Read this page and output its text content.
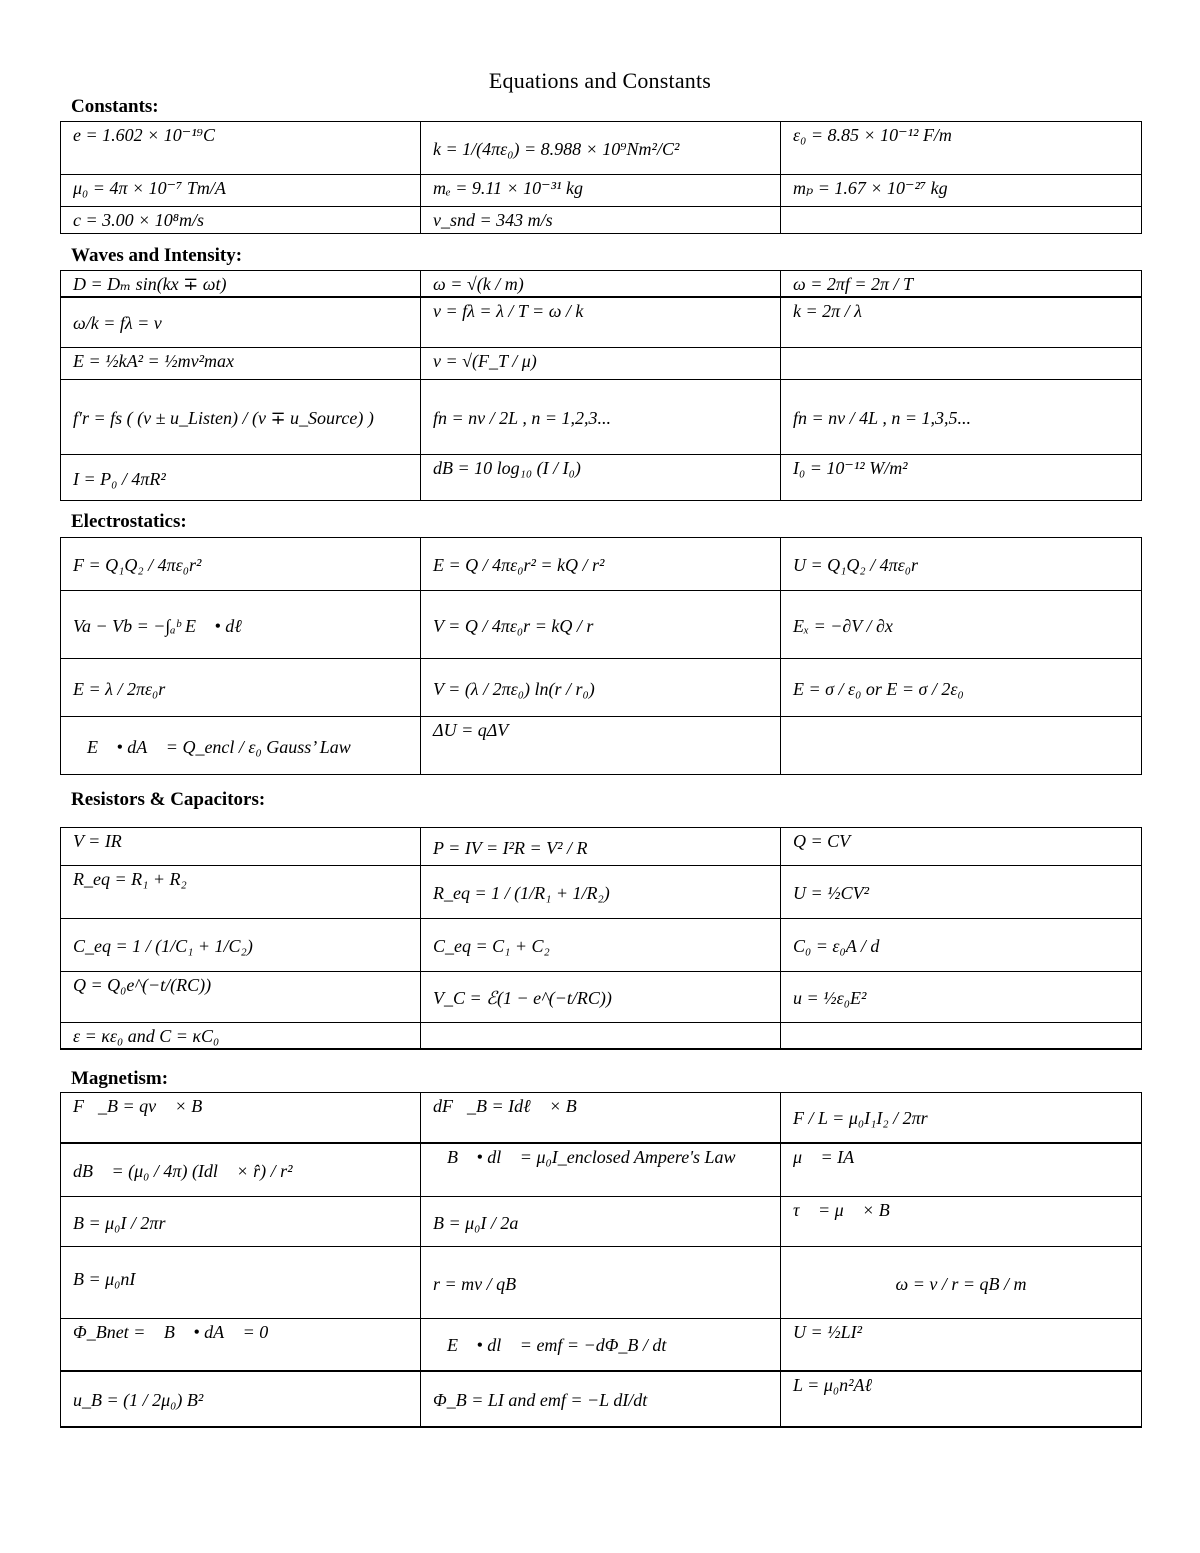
Equations and Constants
Constants:
e = 1.602 × 10⁻¹⁹C	k = 1/(4πε₀) = 8.988 × 10⁹Nm²/C²	ε₀ = 8.85 × 10⁻¹² F/m
μ₀ = 4π × 10⁻⁷ Tm/A	mₑ = 9.11 × 10⁻³¹ kg	mₚ = 1.67 × 10⁻²⁷ kg
c = 3.00 × 10⁸m/s	v_snd = 343 m/s	
Waves and Intensity:
D = Dₘ sin(kx ∓ ωt)	ω = √(k / m)	ω = 2πf = 2π / T
ω/k = fλ = v	v = fλ = λ / T = ω / k	k = 2π / λ
E = ½kA² = ½mv²max	v = √(F_T / μ)	
f′r = fs ( (v ± u_Listen) / (v ∓ u_Source) )	fn = nv / 2L , n = 1,2,3...	fn = nv / 4L , n = 1,3,5...
I = P₀ / 4πR²	dB = 10 log₁₀ (I / I₀)	I₀ = 10⁻¹² W/m²
Electrostatics:
F = Q₁Q₂ / 4πε₀r²	E = Q / 4πε₀r² = kQ / r²	U = Q₁Q₂ / 4πε₀r
Va − Vb = −∫ₐᵇ E⃗ • dℓ⃗	V = Q / 4πε₀r = kQ / r	Eₓ = −∂V / ∂x
E = λ / 2πε₀r	V = (λ / 2πε₀) ln(r / r₀)	E = σ / ε₀ or E = σ / 2ε₀
∮E⃗ • dA⃗ = Q_encl / ε₀ Gauss’ Law	ΔU = qΔV	
Resistors & Capacitors:
V = IR	P = IV = I²R = V² / R	Q = CV
R_eq = R₁ + R₂	R_eq = 1 / (1/R₁ + 1/R₂)	U = ½CV²
C_eq = 1 / (1/C₁ + 1/C₂)	C_eq = C₁ + C₂	C₀ = ε₀A / d
Q = Q₀e^(−t/(RC))	V_C = ℰ(1 − e^(−t/RC))	u = ½ε₀E²
ε = κε₀ and C = κC₀		
Magnetism:
F⃗_B = qv⃗ × B⃗	dF⃗_B = Idℓ⃗ × B⃗	F / L = μ₀I₁I₂ / 2πr
dB⃗ = (μ₀ / 4π) (Idl⃗ × r̂) / r²	∮B⃗ • dl⃗ = μ₀I_enclosed Ampere's Law	μ⃗ = IA⃗
B = μ₀I / 2πr	B = μ₀I / 2a	τ⃗ = μ⃗ × B⃗
B = μ₀nI	r = mv / qB	ω = v / r = qB / m
Φ_Bnet = ∮B⃗ • dA⃗ = 0	∮E⃗ • dl⃗ = emf = −dΦ_B / dt	U = ½LI²
u_B = (1 / 2μ₀) B²	Φ_B = LI and emf = −L dI/dt	L = μ₀n²Aℓ
